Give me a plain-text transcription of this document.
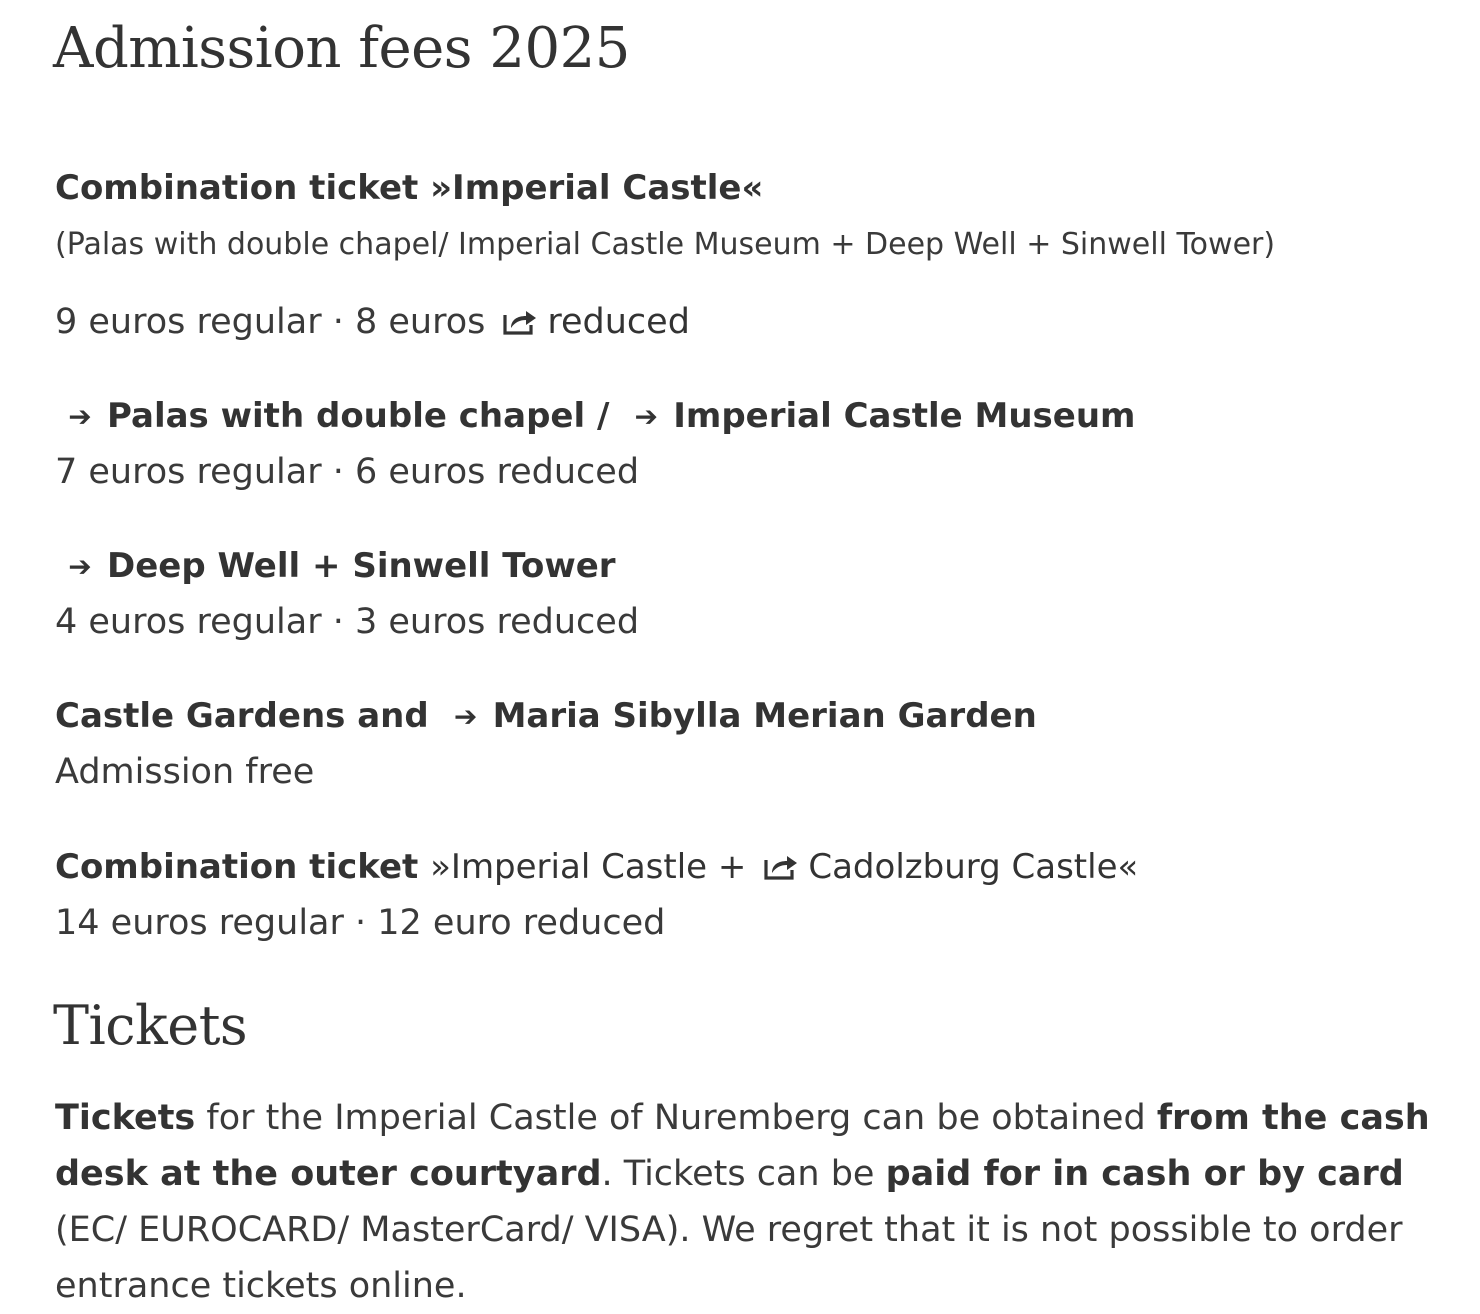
Admission fees 2025
Combination ticket »Imperial Castle«
(Palas with double chapel/ Imperial Castle Museum + Deep Well + Sinwell Tower)
9 euros regular · 8 euros reduced
➔ Palas with double chapel / ➔ Imperial Castle Museum
7 euros regular · 6 euros reduced
➔ Deep Well + Sinwell Tower
4 euros regular · 3 euros reduced
Castle Gardens and ➔ Maria Sibylla Merian Garden
Admission free
Combination ticket »Imperial Castle + Cadolzburg Castle«
14 euros regular · 12 euro reduced
Tickets

Tickets for the Imperial Castle of Nuremberg can be obtained from the cash desk at the outer courtyard. Tickets can be paid for in cash or by card (EC/ EUROCARD/ MasterCard/ VISA). We regret that it is not possible to order entrance tickets online.
